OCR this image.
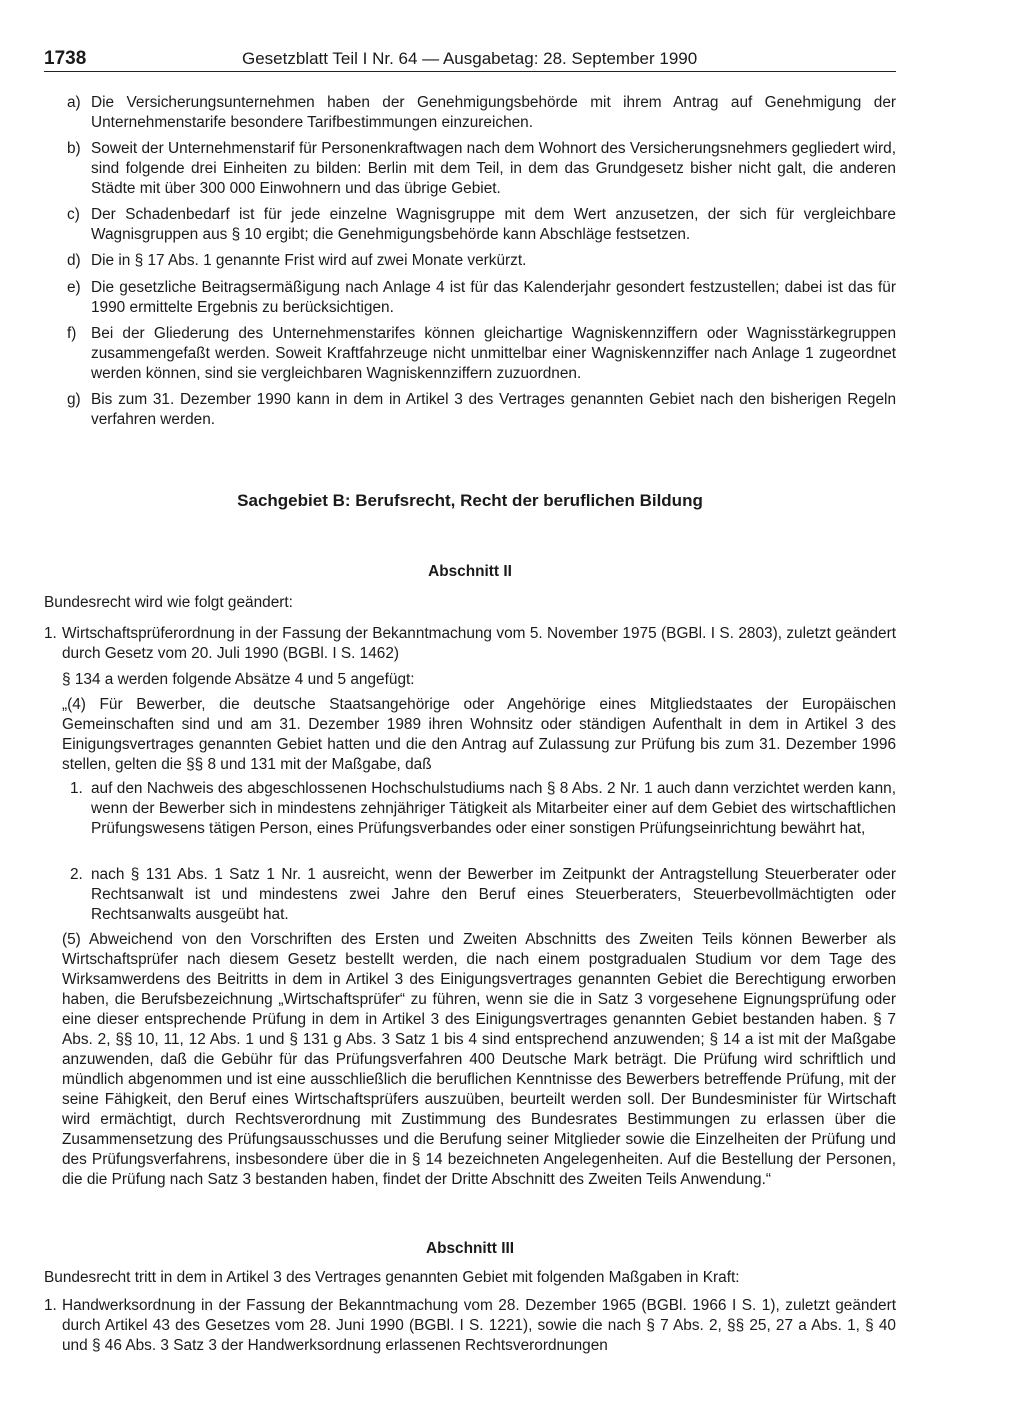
1738	Gesetzblatt Teil I Nr. 64 — Ausgabetag: 28. September 1990
a) Die Versicherungsunternehmen haben der Genehmigungsbehörde mit ihrem Antrag auf Genehmigung der Unternehmenstarife besondere Tarifbestimmungen einzureichen.
b) Soweit der Unternehmenstarif für Personenkraftwagen nach dem Wohnort des Versicherungsnehmers gegliedert wird, sind folgende drei Einheiten zu bilden: Berlin mit dem Teil, in dem das Grundgesetz bisher nicht galt, die anderen Städte mit über 300 000 Einwohnern und das übrige Gebiet.
c) Der Schadenbedarf ist für jede einzelne Wagnisgruppe mit dem Wert anzusetzen, der sich für vergleichbare Wagnisgruppen aus § 10 ergibt; die Genehmigungsbehörde kann Abschläge festsetzen.
d) Die in § 17 Abs. 1 genannte Frist wird auf zwei Monate verkürzt.
e) Die gesetzliche Beitragsermäßigung nach Anlage 4 ist für das Kalenderjahr gesondert festzustellen; dabei ist das für 1990 ermittelte Ergebnis zu berücksichtigen.
f) Bei der Gliederung des Unternehmenstarifes können gleichartige Wagniskennziffern oder Wagnisstärkegruppen zusammengefaßt werden. Soweit Kraftfahrzeuge nicht unmittelbar einer Wagniskennziffer nach Anlage 1 zugeordnet werden können, sind sie vergleichbaren Wagniskennziffern zuzuordnen.
g) Bis zum 31. Dezember 1990 kann in dem in Artikel 3 des Vertrages genannten Gebiet nach den bisherigen Regeln verfahren werden.
Sachgebiet B: Berufsrecht, Recht der beruflichen Bildung
Abschnitt II
Bundesrecht wird wie folgt geändert:
1. Wirtschaftsprüferordnung in der Fassung der Bekanntmachung vom 5. November 1975 (BGBl. I S. 2803), zuletzt geändert durch Gesetz vom 20. Juli 1990 (BGBl. I S. 1462)
§ 134 a werden folgende Absätze 4 und 5 angefügt:
„(4) Für Bewerber, die deutsche Staatsangehörige oder Angehörige eines Mitgliedstaates der Europäischen Gemeinschaften sind und am 31. Dezember 1989 ihren Wohnsitz oder ständigen Aufenthalt in dem in Artikel 3 des Einigungsvertrages genannten Gebiet hatten und die den Antrag auf Zulassung zur Prüfung bis zum 31. Dezember 1996 stellen, gelten die §§ 8 und 131 mit der Maßgabe, daß
1. auf den Nachweis des abgeschlossenen Hochschulstudiums nach § 8 Abs. 2 Nr. 1 auch dann verzichtet werden kann, wenn der Bewerber sich in mindestens zehnjähriger Tätigkeit als Mitarbeiter einer auf dem Gebiet des wirtschaftlichen Prüfungswesens tätigen Person, eines Prüfungsverbandes oder einer sonstigen Prüfungseinrichtung bewährt hat,
2. nach § 131 Abs. 1 Satz 1 Nr. 1 ausreicht, wenn der Bewerber im Zeitpunkt der Antragstellung Steuerberater oder Rechtsanwalt ist und mindestens zwei Jahre den Beruf eines Steuerberaters, Steuerbevollmächtigten oder Rechtsanwalts ausgeübt hat.
(5) Abweichend von den Vorschriften des Ersten und Zweiten Abschnitts des Zweiten Teils können Bewerber als Wirtschaftsprüfer nach diesem Gesetz bestellt werden, die nach einem postgradualen Studium vor dem Tage des Wirksamwerdens des Beitritts in dem in Artikel 3 des Einigungsvertrages genannten Gebiet die Berechtigung erworben haben, die Berufsbezeichnung „Wirtschaftsprüfer“ zu führen, wenn sie die in Satz 3 vorgesehene Eignungsprüfung oder eine dieser entsprechende Prüfung in dem in Artikel 3 des Einigungsvertrages genannten Gebiet bestanden haben. § 7 Abs. 2, §§ 10, 11, 12 Abs. 1 und § 131 g Abs. 3 Satz 1 bis 4 sind entsprechend anzuwenden; § 14 a ist mit der Maßgabe anzuwenden, daß die Gebühr für das Prüfungsverfahren 400 Deutsche Mark beträgt. Die Prüfung wird schriftlich und mündlich abgenommen und ist eine ausschließlich die beruflichen Kenntnisse des Bewerbers betreffende Prüfung, mit der seine Fähigkeit, den Beruf eines Wirtschaftsprüfers auszuüben, beurteilt werden soll. Der Bundesminister für Wirtschaft wird ermächtigt, durch Rechtsverordnung mit Zustimmung des Bundesrates Bestimmungen zu erlassen über die Zusammensetzung des Prüfungsausschusses und die Berufung seiner Mitglieder sowie die Einzelheiten der Prüfung und des Prüfungsverfahrens, insbesondere über die in § 14 bezeichneten Angelegenheiten. Auf die Bestellung der Personen, die die Prüfung nach Satz 3 bestanden haben, findet der Dritte Abschnitt des Zweiten Teils Anwendung.“
Abschnitt III
Bundesrecht tritt in dem in Artikel 3 des Vertrages genannten Gebiet mit folgenden Maßgaben in Kraft:
1. Handwerksordnung in der Fassung der Bekanntmachung vom 28. Dezember 1965 (BGBl. 1966 I S. 1), zuletzt geändert durch Artikel 43 des Gesetzes vom 28. Juni 1990 (BGBl. I S. 1221), sowie die nach § 7 Abs. 2, §§ 25, 27 a Abs. 1, § 40 und § 46 Abs. 3 Satz 3 der Handwerksordnung erlassenen Rechtsverordnungen
